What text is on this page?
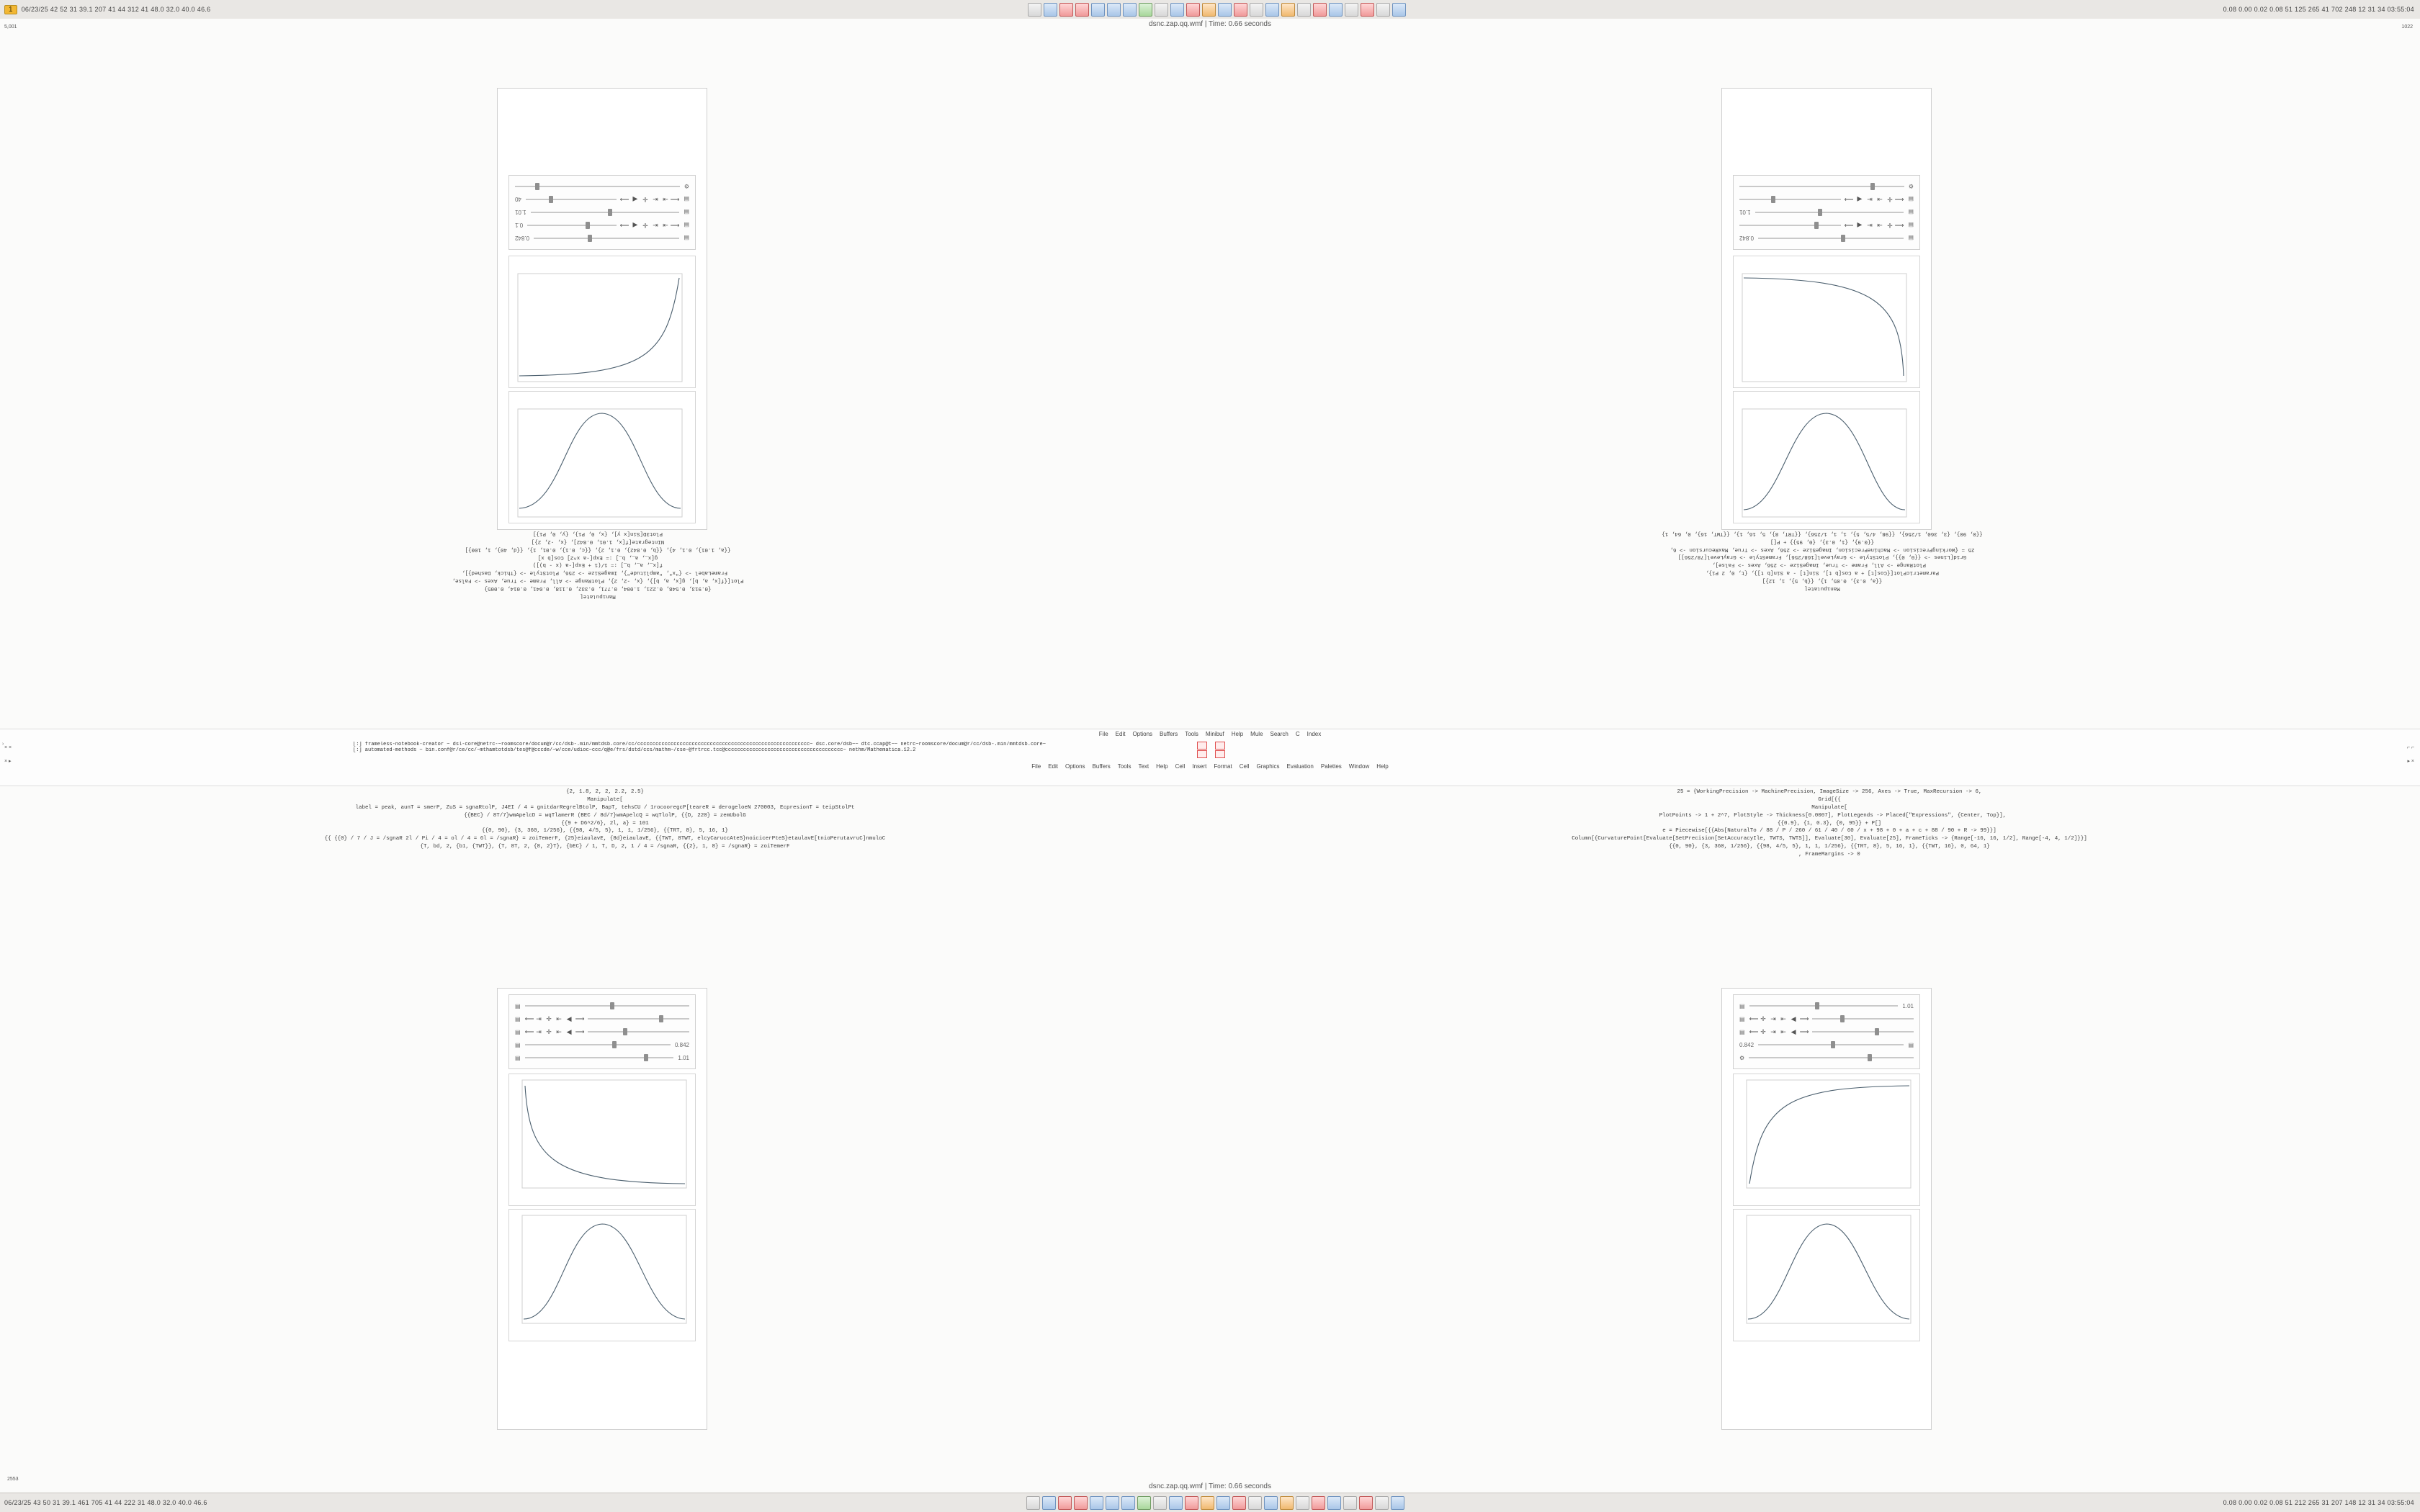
1	06/23/25 42 52 31 39.1 207 41 44 312 41 48.0 32.0 40.0 46.6	0.08 0.00 0.02 0.08 51 125 265 41 702 248 12 31 34 03:55:04
dsnc.zap.qq.wmf | Time: 0.66 seconds
5,001
▤
0.842
▤
⟵
⇥
⇤
✛
◀
⟶
0.1
▤
1.01
▤
⟵
⇥
⇤
✛
◀
⟶
40
⚙
Manipulate[
{0.913, 0.548, 0.221, 1.004, 0.771, 0.332, 0.118, 0.041, 0.014, 0.005}
Plot[{f[x, a, b], g[x, a, b]}, {x, -2, 2}, PlotRange -> All, Frame -> True, Axes -> False,
FrameLabel -> {"x", "amplitude"}, ImageSize -> 256, PlotStyle -> {Thick, Dashed}],
f[x_, a_, b_] := 1/(1 + Exp[-a (x - b)])
g[x_, a_, b_] := Exp[-a x^2] Cos[b x]
{{a, 1.01}, 0.1, 4}, {{b, 0.842}, 0.1, 2}, {{c, 0.1}, 0.01, 1}, {{d, 40}, 1, 100}]
NIntegrate[f[x, 1.01, 0.842], {x, -2, 2}]
Plot3D[Sin[x y], {x, 0, Pi}, {y, 0, Pi}]
▤
0.842
▤
⟵
✛
⇥
⇤
◀
⟶
▤
1.01
▤
⟵
✛
⇥
⇤
◀
⟶
⚙
Manipulate[
{{a, 0.3}, 0.05, 1}, {{b, 5}, 1, 12}]
ParametricPlot[{Cos[t] + a Cos[b t], Sin[t] - a Sin[b t]}, {t, 0, 2 Pi},
PlotRange -> All, Frame -> True, ImageSize -> 256, Axes -> False],
Grid[Lines -> {{0, 0}}, PlotStyle -> GrayLevel[168/256], FrameStyle -> GrayLevel[78/256]]
25 = {WorkingPrecision -> MachinePrecision, ImageSize -> 256, Axes -> True, MaxRecursion -> 6,
{{0.9}, {1, 0.3}, {0, 95}} + P[]
{{0, 90}, {3, 360, 1/256}, {{98, 4/5, 5}, 1, 1, 1/256}, {{TRT, 8}, 5, 16, 1}, {{TWT, 16}, 0, 64, 1}
File Edit Options Buffers Tools Minibuf Help Mule Search C Index
›	[:] frameless-notebook-creator ~ dsl-core@netrc-~roomscore/docum@r/cc/dsb-.min/mmtdsb.core/cc/ccccccccccccccccccccccccccccccccccccccccccccccccccccccccc~ dsc.core/dsb~~ dtc.ccap@t~~ netrc~roomscore/docum@r/cc/dsb-.min/mmtdsb.core~
[:] automated-methods ~ bin.conf@r/ce/cc/~mthamtotdsb/tes@f@cccde/~w/cce/udioc~ccc/q@e/frs/dstd/ccs/mathm~/cse~@frtrcc.tcc@ccccccccccccccccccccccccccccccccccccccc~ nethm/Mathematica.12.2
File Edit Options Buffers Tools Text Help Cell Insert Format Cell Graphics Evaluation Palettes Window Help
× ×
× ▸
⌐ ⌐
▸ ×
{2, 1.8, 2, 2, 2.2, 2.5}
Manipulate[
label = peak, aunT = smerP, ZuS = sgnaRtolP, J4EI / 4 = gnitdarRegrelBtolP, BapT, tehsCU / 1rocooregcP[teareR = derogeloeN 270003, EcpresionT = teipStolPt
{{BEC} / 8T/7}wmApelcD = wqTlamerR (BEC / 8d/7}wmApelcQ = wqTlolP, {{D, 220} = zemUbolG
{{9 + D6^2/6}, 2l, a} = 101
{{0, 90}, {3, 360, 1/256}, {{98, 4/5, 5}, 1, 1, 1/256}, {{TRT, 8}, 5, 16, 1}
{{ {{0} / 7 / J = /sgnaR 2l / Pi / 4 = ol / 4 = 6l = /sgnaR} = zoiTemerF, {25}eiaulavE, {8d}eiaulavE, {{TWT, 8TWT, elcyCaruccAteS}noicicerPteS}etaulavE[tnioPerutavruC]nmuloC
{T, bd, 2, {b1, {TWT}}, {T, 8T, 2, {8, 2}T}, {bEC} / 1, T, D, 2, 1 / 4 = /sgnaR, {{2}, 1, 8} = /sgnaR} = zoiTemerF
25 = {WorkingPrecision -> MachinePrecision, ImageSize -> 256, Axes -> True, MaxRecursion -> 6,
Grid[{{
Manipulate[
PlotPoints -> 1 + 2^7, PlotStyle -> Thickness[0.0007], PlotLegends -> Placed["Expressions", {Center, Top}],
{{0.9}, {1, 0.3}, {0, 95}} + P[]
e = Piecewise[{{Abs[NaturalTo / 88 / P / 260 / 61 / 40 / 60 / x + 98 + 0 + a + c + 88 / 90 + R -> 99}}]
Column[{CurvaturePoint[Evaluate[SetPrecision[SetAccuracyIle, TWTS, TWTS]], Evaluate[30], Evaluate[25], FrameTicks -> {Range[-16, 16, 1/2], Range[-4, 4, 1/2]}}]
{{0, 90}, {3, 360, 1/256}, {{98, 4/5, 5}, 1, 1, 1/256}, {{TRT, 8}, 5, 16, 1}, {{TWT, 16}, 0, 64, 1}
, FrameMargins -> 0
▤
▤ ⟵ ⇥ ✛ ⇤ ◀ ⟶
▤ ⟵ ⇥ ✛ ⇤ ◀ ⟶
▤	0.842
▤	1.01
▤	1.01
▤ ⟵ ✛ ⇥ ⇤ ◀ ⟶
▤ ⟵ ✛ ⇥ ⇤ ◀ ⟶
0.842	▤
⚙
dsnc.zap.qq.wmf | Time: 0.66 seconds
2553
1022
06/23/25 43 50 31 39.1 461 705 41 44 222 31 48.0 32.0 40.0 46.6	0.08 0.00 0.02 0.08 51 212 265 31 207 148 12 31 34 03:55:04
